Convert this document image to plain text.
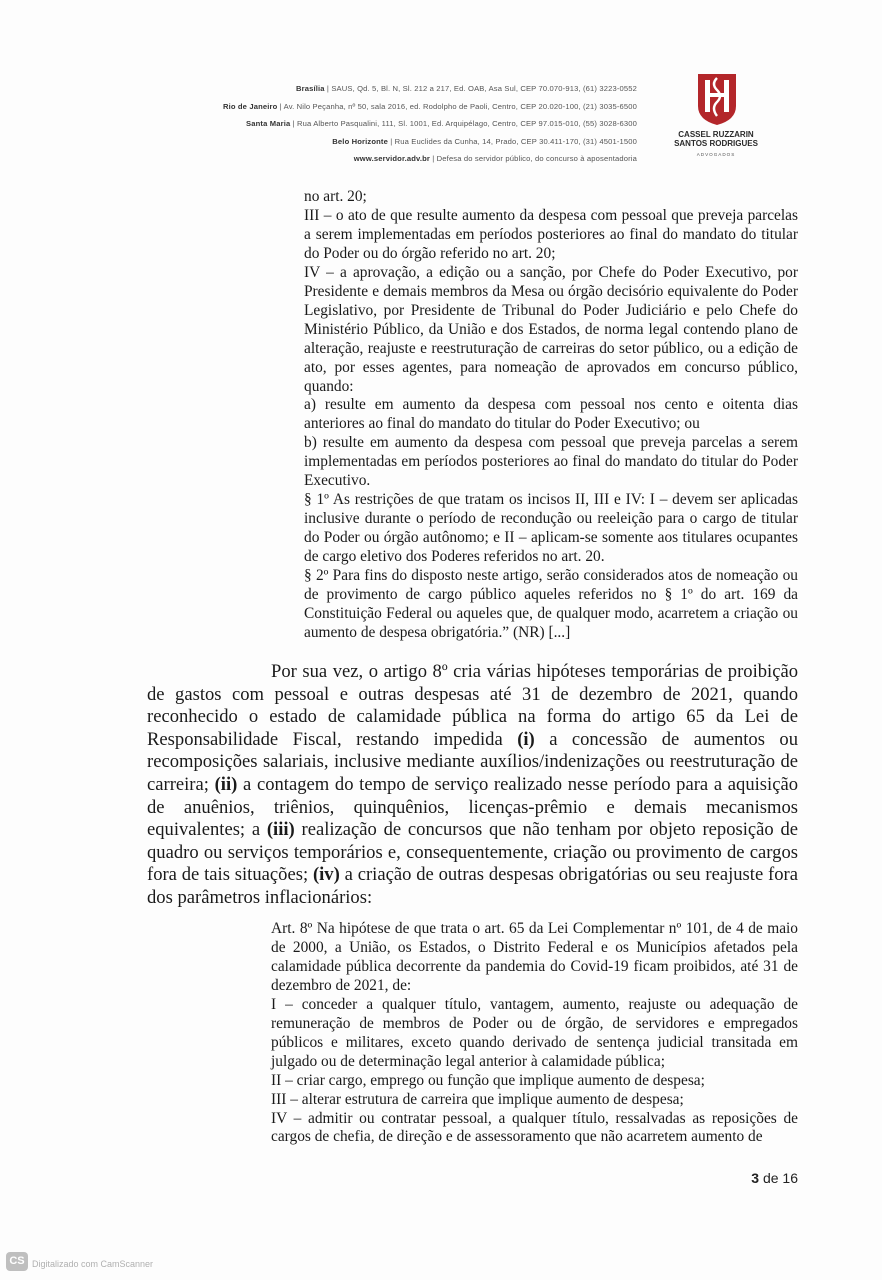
Brasília | SAUS, Qd. 5, Bl. N, Sl. 212 a 217, Ed. OAB, Asa Sul, CEP 70.070-913, (61) 3223-0552
Rio de Janeiro | Av. Nilo Peçanha, nº 50, sala 2016, ed. Rodolpho de Paoli, Centro, CEP 20.020-100, (21) 3035-6500
Santa Maria | Rua Alberto Pasqualini, 111, Sl. 1001, Ed. Arquipélago, Centro, CEP 97.015-010, (55) 3028-6300
Belo Horizonte | Rua Euclides da Cunha, 14, Prado, CEP 30.411-170, (31) 4501-1500
www.servidor.adv.br | Defesa do servidor público, do concurso à aposentadoria
CASSEL RUZZARIN
SANTOS RODRIGUES
ADVOGADOS

no art. 20;

III – o ato de que resulte aumento da despesa com pessoal que preveja parcelas a serem implementadas em períodos posteriores ao final do mandato do titular do Poder ou do órgão referido no art. 20;

IV – a aprovação, a edição ou a sanção, por Chefe do Poder Executivo, por Presidente e demais membros da Mesa ou órgão decisório equivalente do Poder Legislativo, por Presidente de Tribunal do Poder Judiciário e pelo Chefe do Ministério Público, da União e dos Estados, de norma legal contendo plano de alteração, reajuste e reestruturação de carreiras do setor público, ou a edição de ato, por esses agentes, para nomeação de aprovados em concurso público, quando:

a) resulte em aumento da despesa com pessoal nos cento e oitenta dias anteriores ao final do mandato do titular do Poder Executivo; ou

b) resulte em aumento da despesa com pessoal que preveja parcelas a serem implementadas em períodos posteriores ao final do mandato do titular do Poder Executivo.

§ 1º As restrições de que tratam os incisos II, III e IV: I – devem ser aplicadas inclusive durante o período de recondução ou reeleição para o cargo de titular do Poder ou órgão autônomo; e II – aplicam-se somente aos titulares ocupantes de cargo eletivo dos Poderes referidos no art. 20.

§ 2º Para fins do disposto neste artigo, serão considerados atos de nomeação ou de provimento de cargo público aqueles referidos no § 1º do art. 169 da Constituição Federal ou aqueles que, de qualquer modo, acarretem a criação ou aumento de despesa obrigatória.” (NR) [...]

Por sua vez, o artigo 8º cria várias hipóteses temporárias de proibição de gastos com pessoal e outras despesas até 31 de dezembro de 2021, quando reconhecido o estado de calamidade pública na forma do artigo 65 da Lei de Responsabilidade Fiscal, restando impedida (i) a concessão de aumentos ou recomposições salariais, inclusive mediante auxílios/indenizações ou reestruturação de carreira; (ii) a contagem do tempo de serviço realizado nesse período para a aquisição de anuênios, triênios, quinquênios, licenças-prêmio e demais mecanismos equivalentes; a (iii) realização de concursos que não tenham por objeto reposição de quadro ou serviços temporários e, consequentemente, criação ou provimento de cargos fora de tais situações; (iv) a criação de outras despesas obrigatórias ou seu reajuste fora dos parâmetros inflacionários:

Art. 8º Na hipótese de que trata o art. 65 da Lei Complementar nº 101, de 4 de maio de 2000, a União, os Estados, o Distrito Federal e os Municípios afetados pela calamidade pública decorrente da pandemia do Covid-19 ficam proibidos, até 31 de dezembro de 2021, de:

I – conceder a qualquer título, vantagem, aumento, reajuste ou adequação de remuneração de membros de Poder ou de órgão, de servidores e empregados públicos e militares, exceto quando derivado de sentença judicial transitada em julgado ou de determinação legal anterior à calamidade pública;

II – criar cargo, emprego ou função que implique aumento de despesa;

III – alterar estrutura de carreira que implique aumento de despesa;

IV – admitir ou contratar pessoal, a qualquer título, ressalvadas as reposições de cargos de chefia, de direção e de assessoramento que não acarretem aumento de

3 de 16
CS Digitalizado com CamScanner
